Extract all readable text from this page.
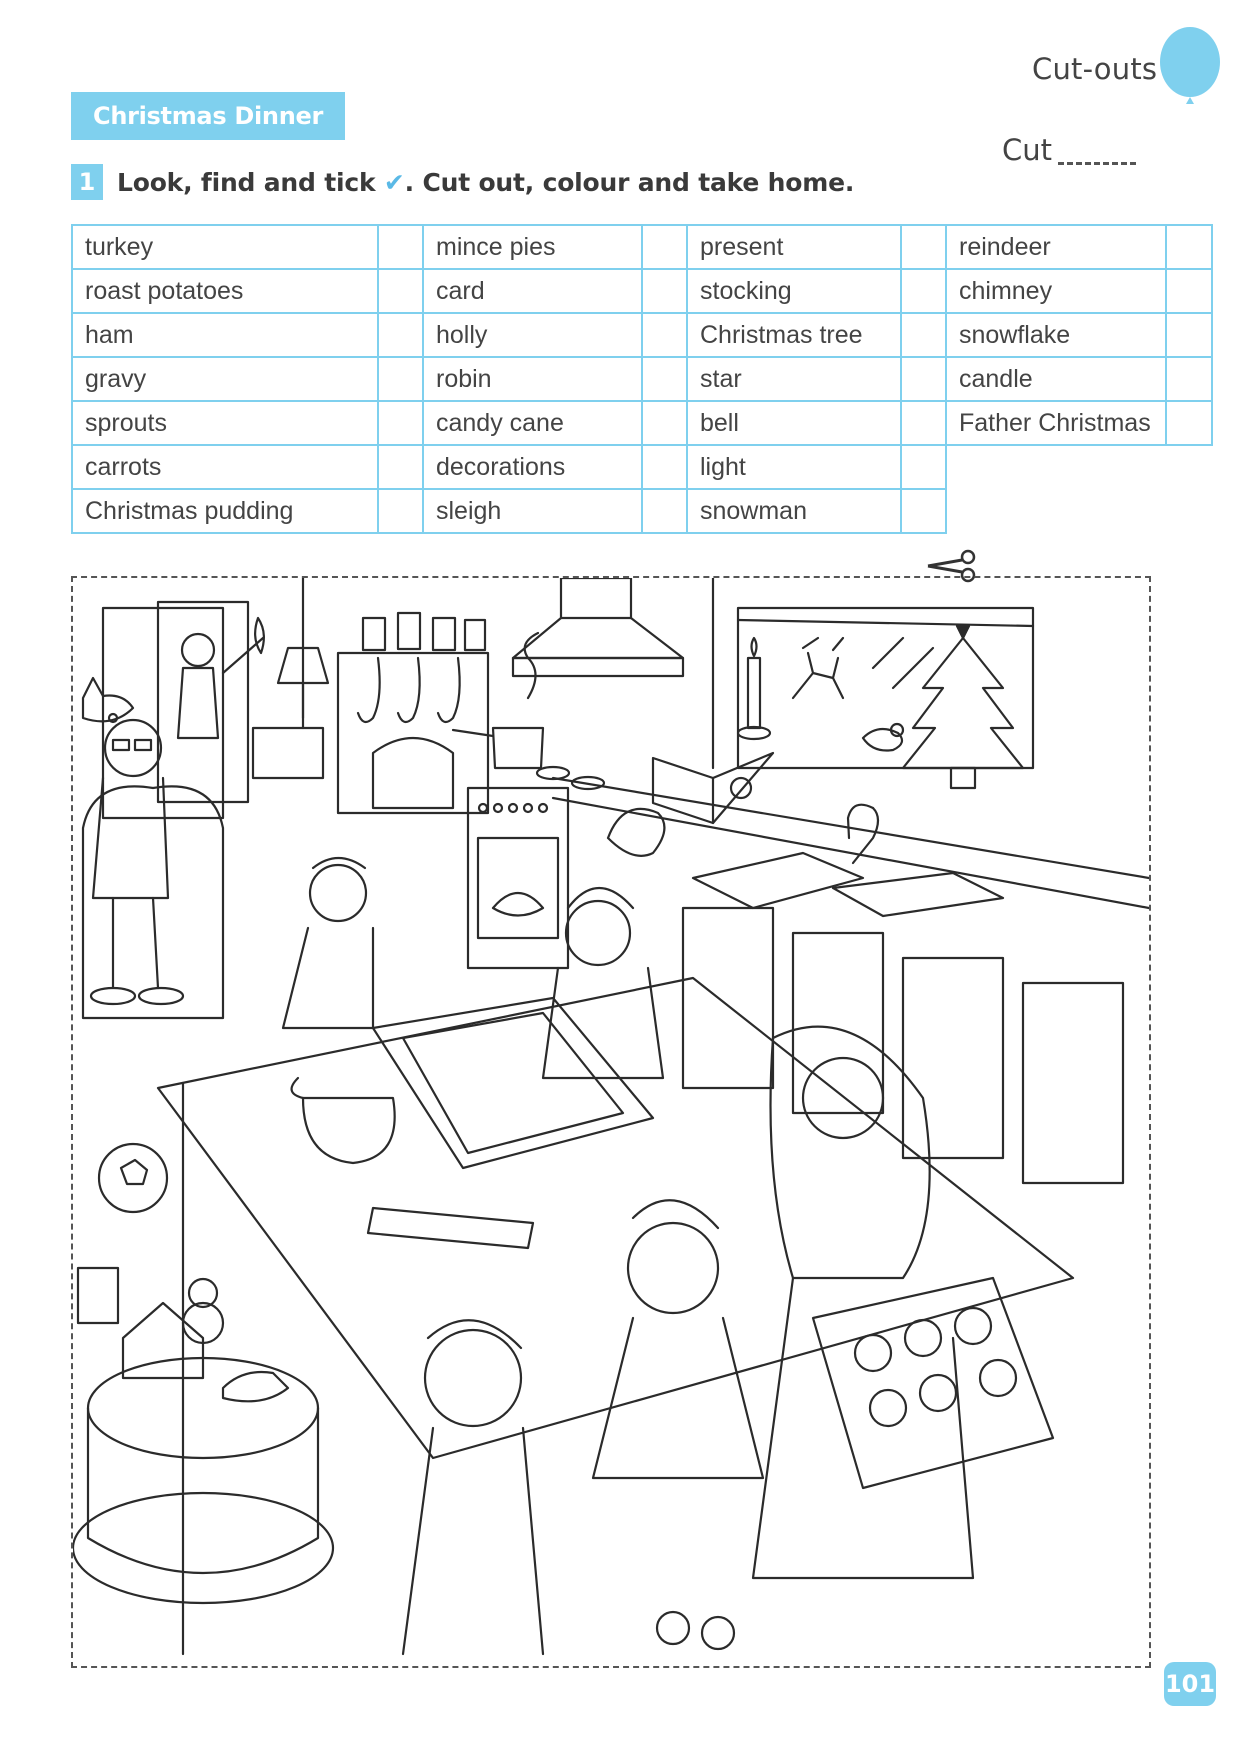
Cut-outs
Cut
Christmas Dinner
1 Look, find and tick ✔. Cut out, colour and take home.
turkey		mince pies		present		reindeer	
roast potatoes		card		stocking		chimney	
ham		holly		Christmas tree		snowflake	
gravy		robin		star		candle	
sprouts		candy cane		bell		Father Christmas	
carrots		decorations		light			
Christmas pudding		sleigh		snowman			
101
